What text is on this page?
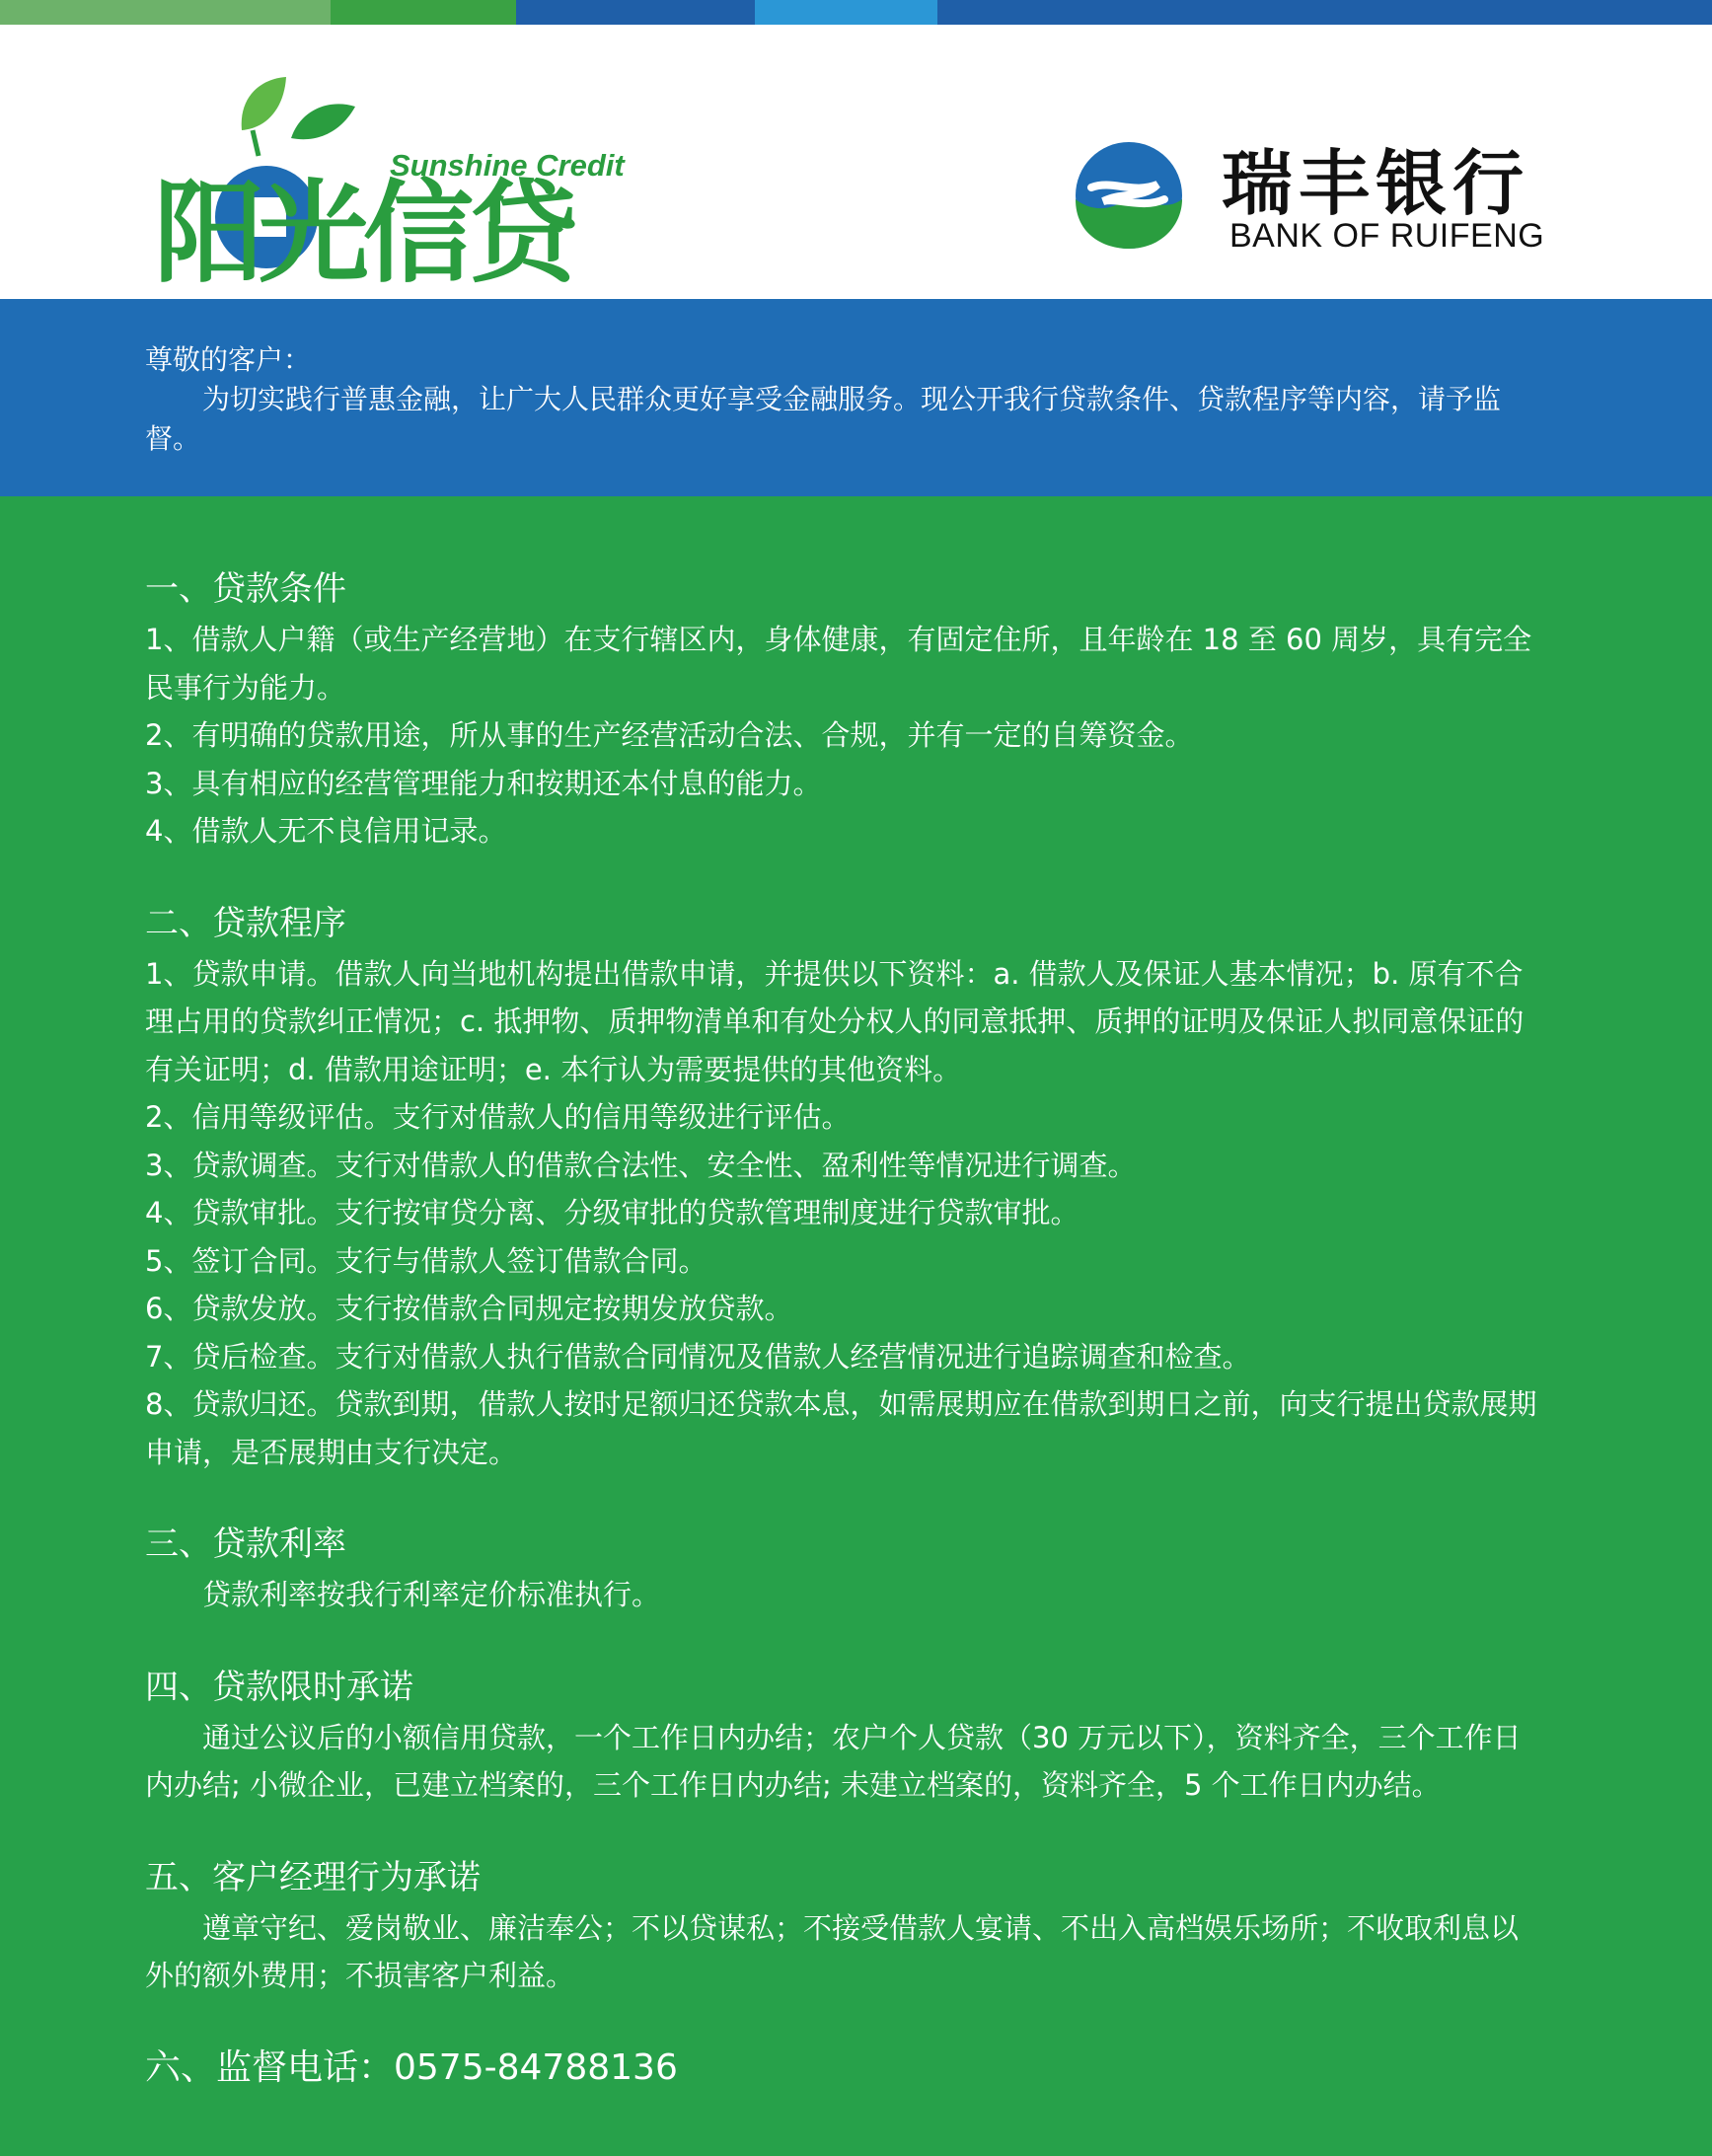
Sunshine Credit
阳光信贷	瑞丰银行
BANK OF RUIFENG

尊敬的客户：

为切实践行普惠金融，让广大人民群众更好享受金融服务。现公开我行贷款条件、贷款程序等内容，请予监督。

一、贷款条件

1、借款人户籍（或生产经营地）在支行辖区内，身体健康，有固定住所，且年龄在 18 至 60 周岁，具有完全民事行为能力。

2、有明确的贷款用途，所从事的生产经营活动合法、合规，并有一定的自筹资金。

3、具有相应的经营管理能力和按期还本付息的能力。

4、借款人无不良信用记录。

二、贷款程序

1、贷款申请。借款人向当地机构提出借款申请，并提供以下资料：a. 借款人及保证人基本情况；b. 原有不合理占用的贷款纠正情况；c. 抵押物、质押物清单和有处分权人的同意抵押、质押的证明及保证人拟同意保证的有关证明；d. 借款用途证明；e. 本行认为需要提供的其他资料。

2、信用等级评估。支行对借款人的信用等级进行评估。

3、贷款调查。支行对借款人的借款合法性、安全性、盈利性等情况进行调查。

4、贷款审批。支行按审贷分离、分级审批的贷款管理制度进行贷款审批。

5、签订合同。支行与借款人签订借款合同。

6、贷款发放。支行按借款合同规定按期发放贷款。

7、贷后检查。支行对借款人执行借款合同情况及借款人经营情况进行追踪调查和检查。

8、贷款归还。贷款到期，借款人按时足额归还贷款本息，如需展期应在借款到期日之前，向支行提出贷款展期申请，是否展期由支行决定。

三、贷款利率

贷款利率按我行利率定价标准执行。

四、贷款限时承诺

通过公议后的小额信用贷款，一个工作日内办结；农户个人贷款（30 万元以下），资料齐全，三个工作日内办结; 小微企业，已建立档案的，三个工作日内办结; 未建立档案的，资料齐全，5 个工作日内办结。

五、客户经理行为承诺

遵章守纪、爱岗敬业、廉洁奉公；不以贷谋私；不接受借款人宴请、不出入高档娱乐场所；不收取利息以外的额外费用；不损害客户利益。

六、监督电话：0575-84788136
